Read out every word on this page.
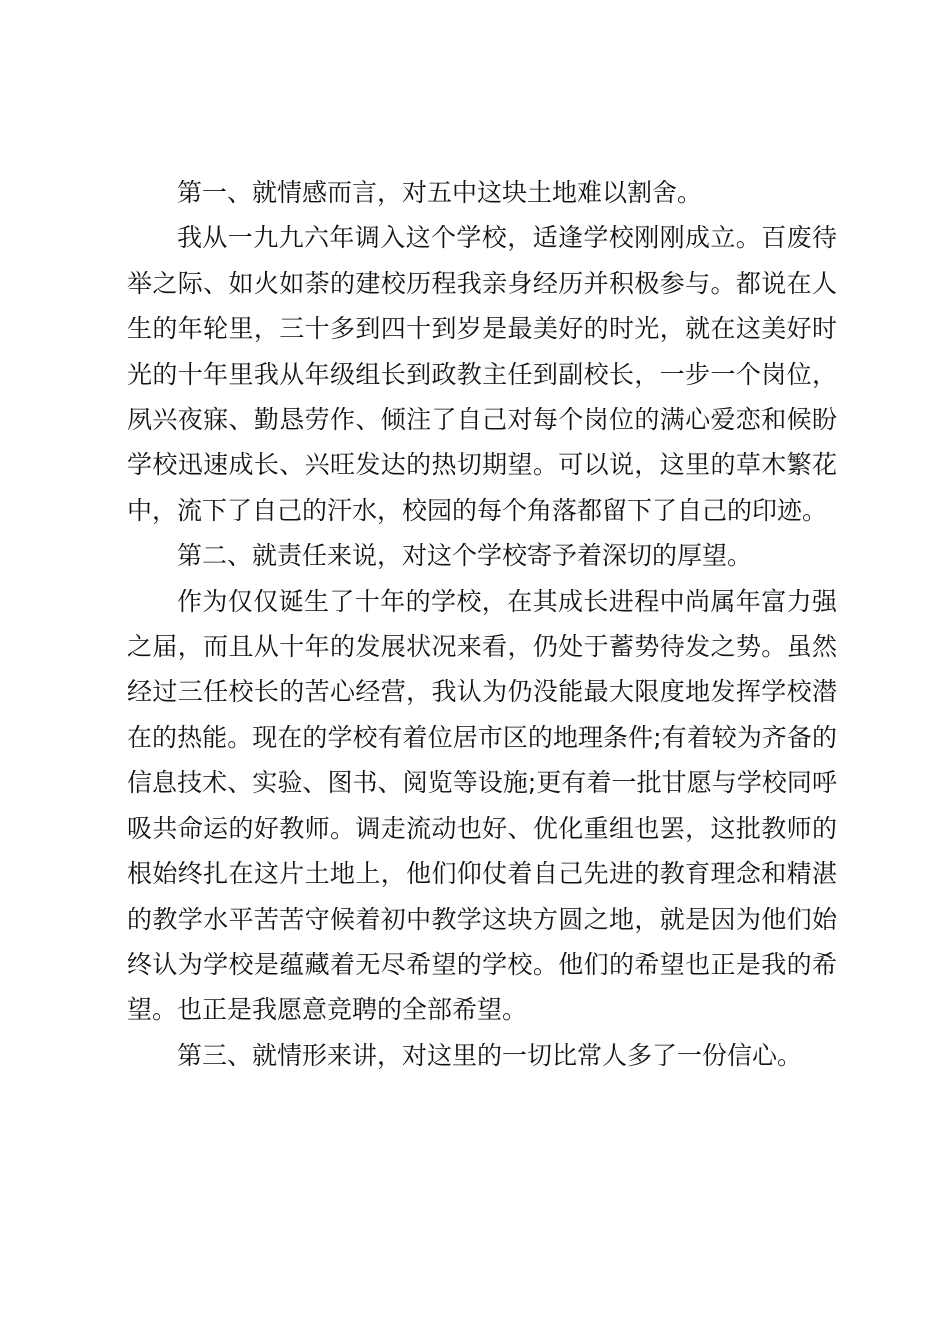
第一、就情感而言，对五中这块土地难以割舍。

我从一九九六年调入这个学校，适逢学校刚刚成立。百废待举之际、如火如荼的建校历程我亲身经历并积极参与。都说在人生的年轮里，三十多到四十到岁是最美好的时光，就在这美好时光的十年里我从年级组长到政教主任到副校长，一步一个岗位，夙兴夜寐、勤恳劳作、倾注了自己对每个岗位的满心爱恋和候盼学校迅速成长、兴旺发达的热切期望。可以说，这里的草木繁花中，流下了自己的汗水，校园的每个角落都留下了自己的印迹。

第二、就责任来说，对这个学校寄予着深切的厚望。

作为仅仅诞生了十年的学校，在其成长进程中尚属年富力强之届，而且从十年的发展状况来看，仍处于蓄势待发之势。虽然经过三任校长的苦心经营，我认为仍没能最大限度地发挥学校潜在的热能。现在的学校有着位居市区的地理条件;有着较为齐备的信息技术、实验、图书、阅览等设施;更有着一批甘愿与学校同呼吸共命运的好教师。调走流动也好、优化重组也罢，这批教师的根始终扎在这片土地上，他们仰仗着自己先进的教育理念和精湛的教学水平苦苦守候着初中教学这块方圆之地，就是因为他们始终认为学校是蕴藏着无尽希望的学校。他们的希望也正是我的希望。也正是我愿意竞聘的全部希望。

第三、就情形来讲，对这里的一切比常人多了一份信心。
